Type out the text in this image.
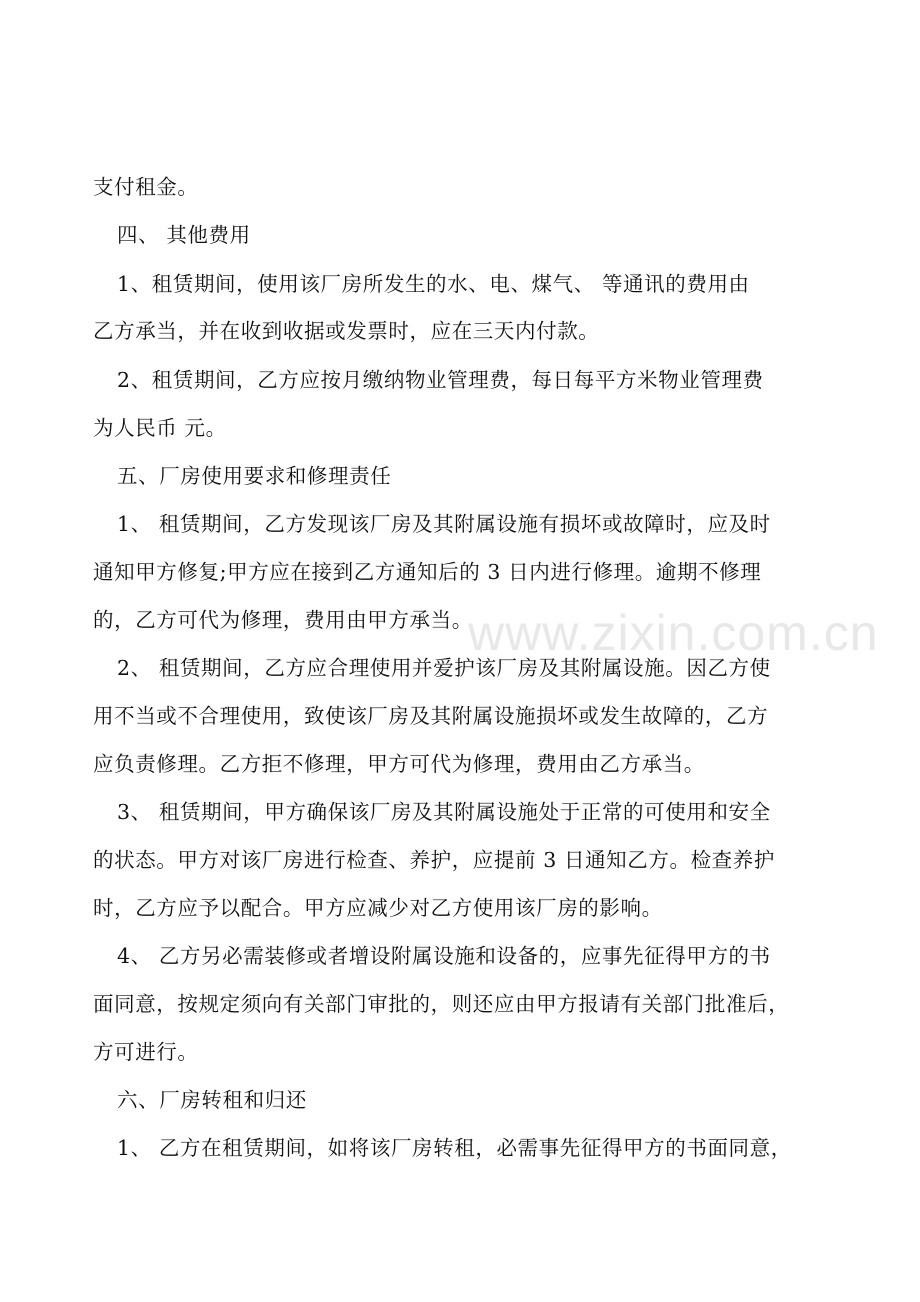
www.zixin.com.cn
支付租金。
四、 其他费用
1、租赁期间，使用该厂房所发生的水、电、煤气、 等通讯的费用由
乙方承当，并在收到收据或发票时，应在三天内付款。
2、租赁期间，乙方应按月缴纳物业管理费，每日每平方米物业管理费
为人民币 元。
五、厂房使用要求和修理责任
1、 租赁期间，乙方发现该厂房及其附属设施有损坏或故障时，应及时
通知甲方修复;甲方应在接到乙方通知后的 3 日内进行修理。逾期不修理
的，乙方可代为修理，费用由甲方承当。
2、 租赁期间，乙方应合理使用并爱护该厂房及其附属设施。因乙方使
用不当或不合理使用，致使该厂房及其附属设施损坏或发生故障的，乙方
应负责修理。乙方拒不修理，甲方可代为修理，费用由乙方承当。
3、 租赁期间，甲方确保该厂房及其附属设施处于正常的可使用和安全
的状态。甲方对该厂房进行检查、养护，应提前 3 日通知乙方。检查养护
时，乙方应予以配合。甲方应减少对乙方使用该厂房的影响。
4、 乙方另必需装修或者增设附属设施和设备的，应事先征得甲方的书
面同意，按规定须向有关部门审批的，则还应由甲方报请有关部门批准后，
方可进行。
六、厂房转租和归还
1、 乙方在租赁期间，如将该厂房转租，必需事先征得甲方的书面同意，
